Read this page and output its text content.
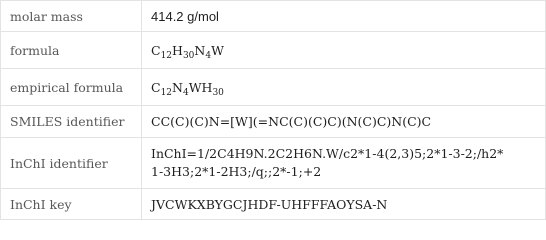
molar mass	414.2 g/mol
formula	$C_{12}H_{30}N_4W$
empirical formula	$C_{12}N_4WH_{30}$
SMILES identifier	CC(C)(C)N=[W](=NC(C)(C)C)(N(C)C)N(C)C
InChI identifier	InChI=1/2C4H9N.2C2H6N.W/c2*1-4(2,3)5;2*1-3-2;/h2*
1-3H3;2*1-2H3;/q;;2*-1;+2
InChI key	JVCWKXBYGCJHDF-UHFFFAOYSA-N
